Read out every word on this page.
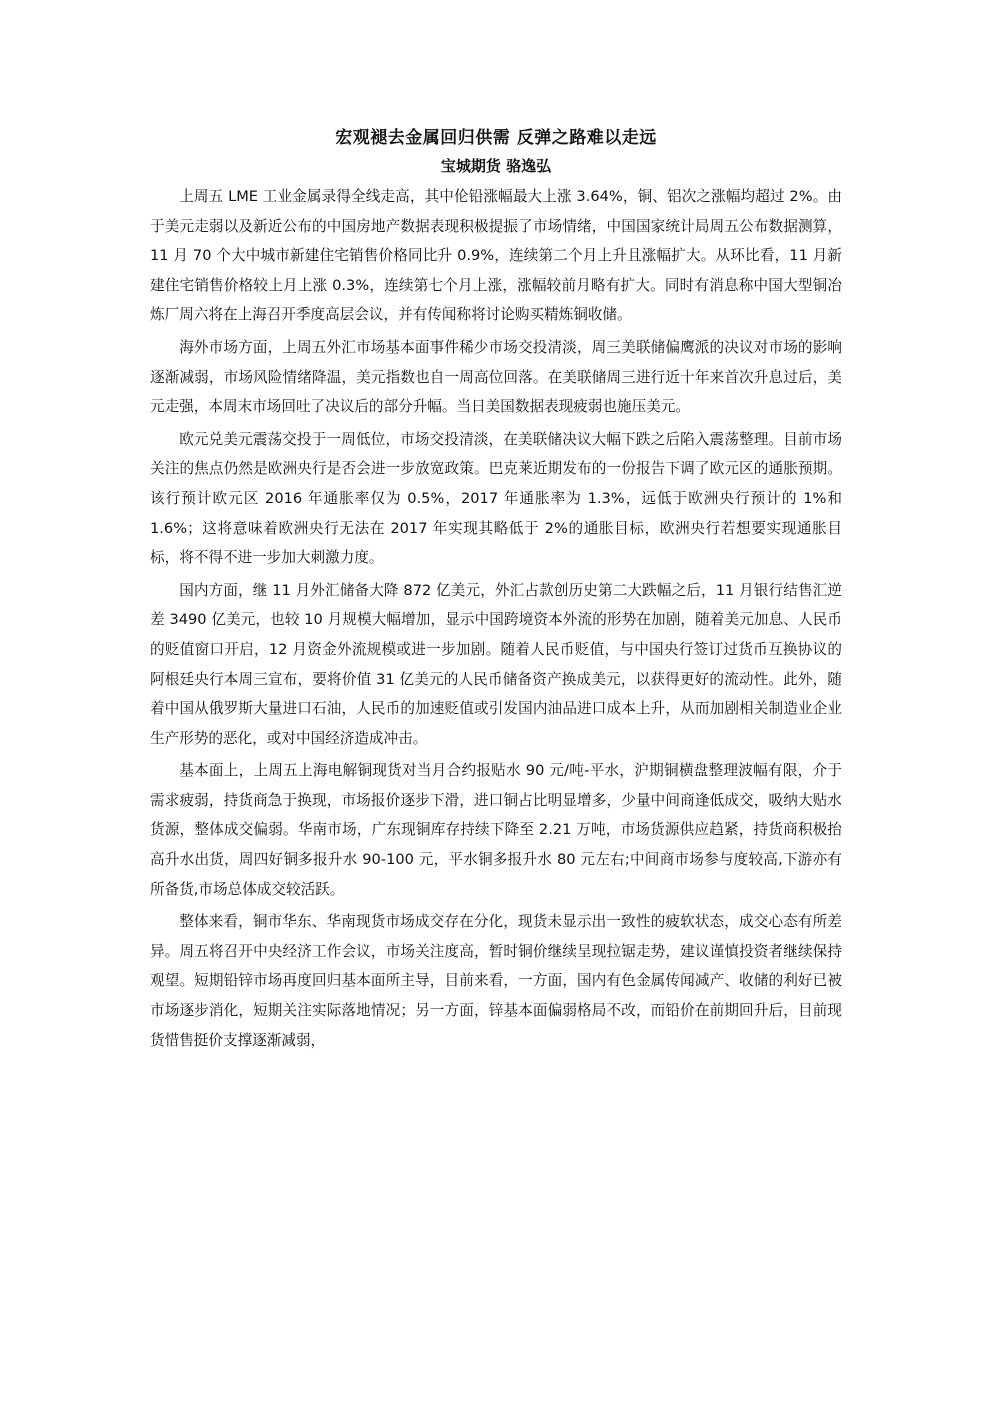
宏观褪去金属回归供需 反弹之路难以走远
宝城期货 骆逸弘

上周五 LME 工业金属录得全线走高，其中伦铅涨幅最大上涨 3.64%，铜、铝次之涨幅均超过 2%。由于美元走弱以及新近公布的中国房地产数据表现积极提振了市场情绪，中国国家统计局周五公布数据测算，11 月 70 个大中城市新建住宅销售价格同比升 0.9%，连续第二个月上升且涨幅扩大。从环比看，11 月新建住宅销售价格较上月上涨 0.3%，连续第七个月上涨，涨幅较前月略有扩大。同时有消息称中国大型铜冶炼厂周六将在上海召开季度高层会议，并有传闻称将讨论购买精炼铜收储。

海外市场方面，上周五外汇市场基本面事件稀少市场交投清淡，周三美联储偏鹰派的决议对市场的影响逐渐减弱，市场风险情绪降温，美元指数也自一周高位回落。在美联储周三进行近十年来首次升息过后，美元走强，本周末市场回吐了决议后的部分升幅。当日美国数据表现疲弱也施压美元。

欧元兑美元震荡交投于一周低位，市场交投清淡，在美联储决议大幅下跌之后陷入震荡整理。目前市场关注的焦点仍然是欧洲央行是否会进一步放宽政策。巴克莱近期发布的一份报告下调了欧元区的通胀预期。该行预计欧元区 2016 年通胀率仅为 0.5%，2017 年通胀率为 1.3%，远低于欧洲央行预计的 1%和 1.6%；这将意味着欧洲央行无法在 2017 年实现其略低于 2%的通胀目标，欧洲央行若想要实现通胀目标，将不得不进一步加大刺激力度。

国内方面，继 11 月外汇储备大降 872 亿美元，外汇占款创历史第二大跌幅之后，11 月银行结售汇逆差 3490 亿美元，也较 10 月规模大幅增加，显示中国跨境资本外流的形势在加剧，随着美元加息、人民币的贬值窗口开启，12 月资金外流规模或进一步加剧。随着人民币贬值，与中国央行签订过货币互换协议的阿根廷央行本周三宣布，要将价值 31 亿美元的人民币储备资产换成美元，以获得更好的流动性。此外，随着中国从俄罗斯大量进口石油，人民币的加速贬值或引发国内油品进口成本上升，从而加剧相关制造业企业生产形势的恶化，或对中国经济造成冲击。

基本面上，上周五上海电解铜现货对当月合约报贴水 90 元/吨-平水，沪期铜横盘整理波幅有限，介于需求疲弱，持货商急于换现，市场报价逐步下滑，进口铜占比明显增多，少量中间商逢低成交，吸纳大贴水货源，整体成交偏弱。华南市场，广东现铜库存持续下降至 2.21 万吨，市场货源供应趋紧，持货商积极抬高升水出货，周四好铜多报升水 90-100 元，平水铜多报升水 80 元左右;中间商市场参与度较高,下游亦有所备货,市场总体成交较活跃。

整体来看，铜市华东、华南现货市场成交存在分化，现货未显示出一致性的疲软状态，成交心态有所差异。周五将召开中央经济工作会议，市场关注度高，暂时铜价继续呈现拉锯走势，建议谨慎投资者继续保持观望。短期铅锌市场再度回归基本面所主导，目前来看，一方面，国内有色金属传闻减产、收储的利好已被市场逐步消化，短期关注实际落地情况；另一方面，锌基本面偏弱格局不改，而铅价在前期回升后，目前现货惜售挺价支撑逐渐减弱，
